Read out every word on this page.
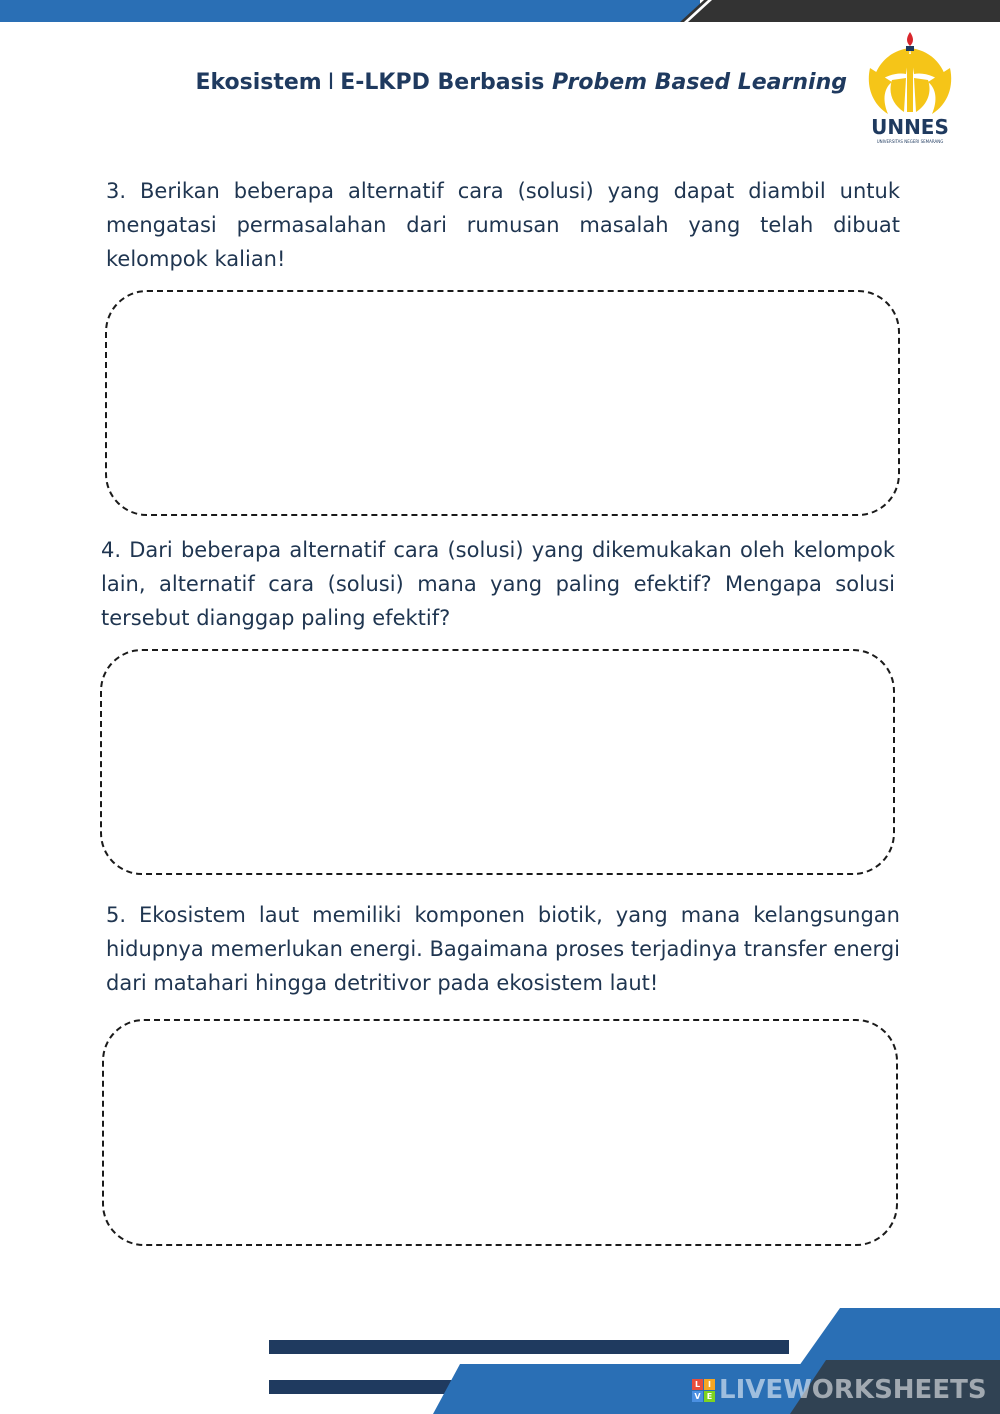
Ekosistem I E-LKPD Berbasis Probem Based Learning
UNNES
UNIVERSITAS NEGERI SEMARANG
3. Berikan beberapa alternatif cara (solusi) yang dapat diambil untuk mengatasi permasalahan dari rumusan masalah yang telah dibuat kelompok kalian!
4. Dari beberapa alternatif cara (solusi) yang dikemukakan oleh kelompok lain, alternatif cara (solusi) mana yang paling efektif? Mengapa solusi tersebut dianggap paling efektif?
5. Ekosistem laut memiliki komponen biotik, yang mana kelangsungan hidupnya memerlukan energi. Bagaimana proses terjadinya transfer energi dari matahari hingga detritivor pada ekosistem laut!
L I
V E LIVEWORKSHEETS
